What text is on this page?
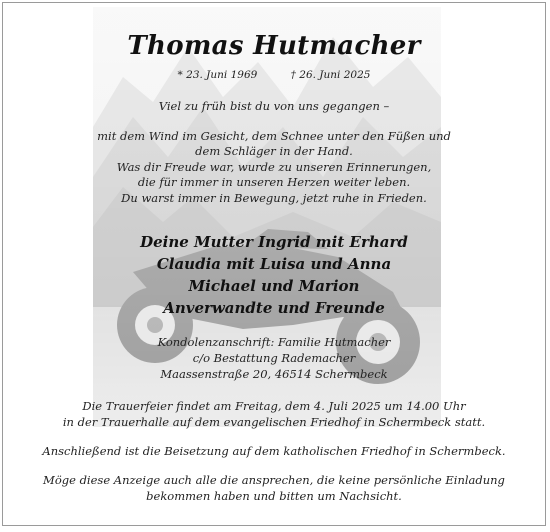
Thomas Hutmacher
* 23. Juni 1969	† 26. Juni 2025
Viel zu früh bist du von uns gegangen –
mit dem Wind im Gesicht, dem Schnee unter den Füßen und
dem Schläger in der Hand.
Was dir Freude war, wurde zu unseren Erinnerungen,
die für immer in unseren Herzen weiter leben.
Du warst immer in Bewegung, jetzt ruhe in Frieden.
Deine Mutter Ingrid mit Erhard
Claudia mit Luisa und Anna
Michael und Marion
Anverwandte und Freunde
Kondolenzanschrift: Familie Hutmacher
c/o Bestattung Rademacher
Maassenstraße 20, 46514 Schermbeck
Die Trauerfeier findet am Freitag, dem 4. Juli 2025 um 14.00 Uhr
in der Trauerhalle auf dem evangelischen Friedhof in Schermbeck statt.
Anschließend ist die Beisetzung auf dem katholischen Friedhof in Schermbeck.
Möge diese Anzeige auch alle die ansprechen, die keine persönliche Einladung
bekommen haben und bitten um Nachsicht.
